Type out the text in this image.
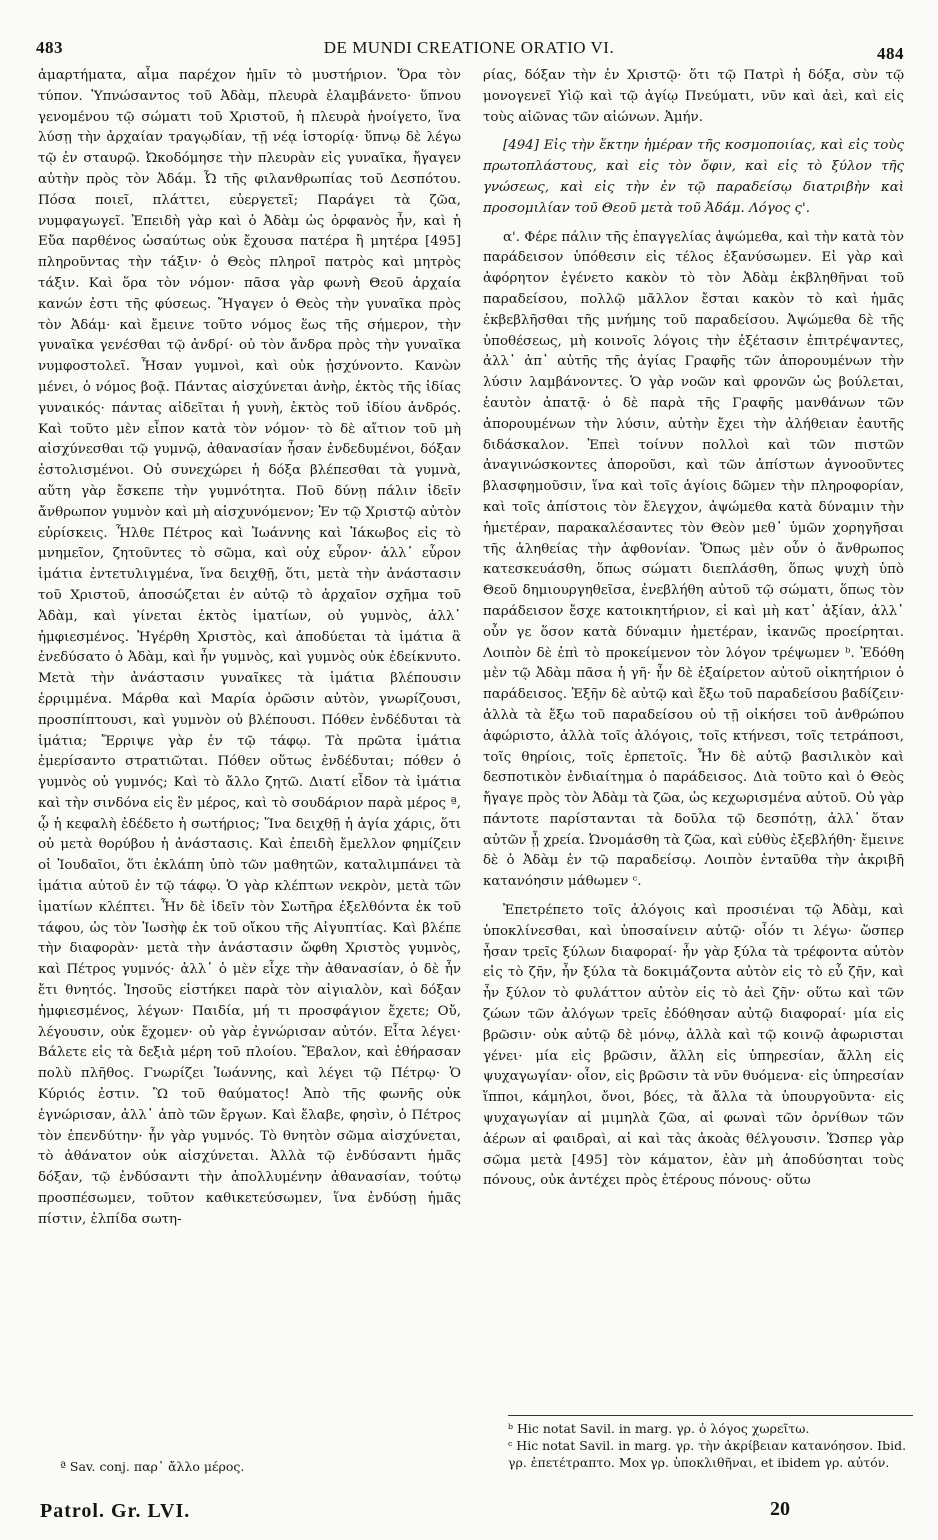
483	DE MUNDI CREATIONE ORATIO VI.	484

ἁμαρτήματα, αἷμα παρέχον ἡμῖν τὸ μυστήριον. Ὅρα τὸν τύπον. Ὑπνώσαντος τοῦ Ἀδὰμ, πλευρὰ ἐλαμβάνετο· ὕπνου γενομένου τῷ σώματι τοῦ Χριστοῦ, ἡ πλευρὰ ἠνοίγετο, ἵνα λύσῃ τὴν ἀρχαίαν τραγῳδίαν, τῇ νέᾳ ἱστορίᾳ· ὕπνῳ δὲ λέγω τῷ ἐν σταυρῷ. Ὠκοδόμησε τὴν πλευρὰν εἰς γυναῖκα, ἤγαγεν αὐτὴν πρὸς τὸν Ἀδάμ. Ὦ τῆς φιλανθρωπίας τοῦ Δεσπότου. Πόσα ποιεῖ, πλάττει, εὐεργετεῖ; Παράγει τὰ ζῶα, νυμφαγωγεῖ. Ἐπειδὴ γὰρ καὶ ὁ Ἀδὰμ ὡς ὀρφανὸς ἦν, καὶ ἡ Εὔα παρθένος ὡσαύτως οὐκ ἔχουσα πατέρα ἢ μητέρα [495] πληροῦντας τὴν τάξιν· ὁ Θεὸς πληροῖ πατρὸς καὶ μητρὸς τάξιν. Καὶ ὅρα τὸν νόμον· πᾶσα γὰρ φωνὴ Θεοῦ ἀρχαία κανών ἐστι τῆς φύσεως. Ἤγαγεν ὁ Θεὸς τὴν γυναῖκα πρὸς τὸν Ἀδάμ· καὶ ἔμεινε τοῦτο νόμος ἕως τῆς σήμερον, τὴν γυναῖκα γενέσθαι τῷ ἀνδρί· οὐ τὸν ἄνδρα πρὸς τὴν γυναῖκα νυμφοστολεῖ. Ἦσαν γυμνοὶ, καὶ οὐκ ᾐσχύνοντο. Κανὼν μένει, ὁ νόμος βοᾷ. Πάντας αἰσχύνεται ἀνὴρ, ἐκτὸς τῆς ἰδίας γυναικός· πάντας αἰδεῖται ἡ γυνὴ, ἐκτὸς τοῦ ἰδίου ἀνδρός. Καὶ τοῦτο μὲν εἶπον κατὰ τὸν νόμον· τὸ δὲ αἴτιον τοῦ μὴ αἰσχύνεσθαι τῷ γυμνῷ, ἀθανασίαν ἦσαν ἐνδεδυμένοι, δόξαν ἐστολισμένοι. Οὐ συνεχώρει ἡ δόξα βλέπεσθαι τὰ γυμνὰ, αὕτη γὰρ ἔσκεπε τὴν γυμνότητα. Ποῦ δύνῃ πάλιν ἰδεῖν ἄνθρωπον γυμνὸν καὶ μὴ αἰσχυνόμενον; Ἐν τῷ Χριστῷ αὐτὸν εὑρίσκεις. Ἦλθε Πέτρος καὶ Ἰωάννης καὶ Ἰάκωβος εἰς τὸ μνημεῖον, ζητοῦντες τὸ σῶμα, καὶ οὐχ εὗρον· ἀλλ᾽ εὗρον ἱμάτια ἐντετυλιγμένα, ἵνα δειχθῇ, ὅτι, μετὰ τὴν ἀνάστασιν τοῦ Χριστοῦ, ἀποσώζεται ἐν αὐτῷ τὸ ἀρχαῖον σχῆμα τοῦ Ἀδὰμ, καὶ γίνεται ἐκτὸς ἱματίων, οὐ γυμνὸς, ἀλλ᾽ ἠμφιεσμένος. Ἠγέρθη Χριστὸς, καὶ ἀποδύεται τὰ ἱμάτια ἃ ἐνεδύσατο ὁ Ἀδὰμ, καὶ ἦν γυμνὸς, καὶ γυμνὸς οὐκ ἐδείκνυτο. Μετὰ τὴν ἀνάστασιν γυναῖκες τὰ ἱμάτια βλέπουσιν ἐρριμμένα. Μάρθα καὶ Μαρία ὁρῶσιν αὐτὸν, γνωρίζουσι, προσπίπτουσι, καὶ γυμνὸν οὐ βλέπουσι. Πόθεν ἐνδέδυται τὰ ἱμάτια; Ἔρριψε γὰρ ἐν τῷ τάφῳ. Τὰ πρῶτα ἱμάτια ἐμερίσαντο στρατιῶται. Πόθεν οὕτως ἐνδέδυται; πόθεν ὁ γυμνὸς οὐ γυμνός; Καὶ τὸ ἄλλο ζητῶ. Διατί εἶδον τὰ ἱμάτια καὶ τὴν σινδόνα εἰς ἓν μέρος, καὶ τὸ σουδάριον παρὰ μέρος ª, ᾧ ἡ κεφαλὴ ἐδέδετο ἡ σωτήριος; Ἵνα δειχθῇ ἡ ἁγία χάρις, ὅτι οὐ μετὰ θορύβου ἡ ἀνάστασις. Καὶ ἐπειδὴ ἔμελλον φημίζειν οἱ Ἰουδαῖοι, ὅτι ἐκλάπη ὑπὸ τῶν μαθητῶν, καταλιμπάνει τὰ ἱμάτια αὐτοῦ ἐν τῷ τάφῳ. Ὁ γὰρ κλέπτων νεκρὸν, μετὰ τῶν ἱματίων κλέπτει. Ἦν δὲ ἰδεῖν τὸν Σωτῆρα ἐξελθόντα ἐκ τοῦ τάφου, ὡς τὸν Ἰωσὴφ ἐκ τοῦ οἴκου τῆς Αἰγυπτίας. Καὶ βλέπε τὴν διαφορὰν· μετὰ τὴν ἀνάστασιν ὤφθη Χριστὸς γυμνὸς, καὶ Πέτρος γυμνός· ἀλλ᾽ ὁ μὲν εἶχε τὴν ἀθανασίαν, ὁ δὲ ἦν ἔτι θνητός. Ἰησοῦς εἱστήκει παρὰ τὸν αἰγιαλὸν, καὶ δόξαν ἠμφιεσμένος, λέγων· Παιδία, μή τι προσφάγιον ἔχετε; Οὔ, λέγουσιν, οὐκ ἔχομεν· οὐ γὰρ ἐγνώρισαν αὐτόν. Εἶτα λέγει· Βάλετε εἰς τὰ δεξιὰ μέρη τοῦ πλοίου. Ἔβαλον, καὶ ἐθήρασαν πολὺ πλῆθος. Γνωρίζει Ἰωάννης, καὶ λέγει τῷ Πέτρῳ· Ὁ Κύριός ἐστιν. Ὢ τοῦ θαύματος! Ἀπὸ τῆς φωνῆς οὐκ ἐγνώρισαν, ἀλλ᾽ ἀπὸ τῶν ἔργων. Καὶ ἔλαβε, φησὶν, ὁ Πέτρος τὸν ἐπενδύτην· ἦν γὰρ γυμνός. Τὸ θνητὸν σῶμα αἰσχύνεται, τὸ ἀθάνατον οὐκ αἰσχύνεται. Ἀλλὰ τῷ ἐνδύσαντι ἡμᾶς δόξαν, τῷ ἐνδύσαντι τὴν ἀπολλυμένην ἀθανασίαν, τούτῳ προσπέσωμεν, τοῦτον καθικετεύσωμεν, ἵνα ἐνδύσῃ ἡμᾶς πίστιν, ἐλπίδα σωτη-

ρίας, δόξαν τὴν ἐν Χριστῷ· ὅτι τῷ Πατρὶ ἡ δόξα, σὺν τῷ μονογενεῖ Υἱῷ καὶ τῷ ἁγίῳ Πνεύματι, νῦν καὶ ἀεὶ, καὶ εἰς τοὺς αἰῶνας τῶν αἰώνων. Ἀμήν.

[494] Εἰς τὴν ἕκτην ἡμέραν τῆς κοσμοποιίας, καὶ εἰς τοὺς πρωτοπλάστους, καὶ εἰς τὸν ὄφιν, καὶ εἰς τὸ ξύλον τῆς γνώσεως, καὶ εἰς τὴν ἐν τῷ παραδείσῳ διατριβὴν καὶ προσομιλίαν τοῦ Θεοῦ μετὰ τοῦ Ἀδάμ. Λόγος ς'.

α'. Φέρε πάλιν τῆς ἐπαγγελίας ἀψώμεθα, καὶ τὴν κατὰ τὸν παράδεισον ὑπόθεσιν εἰς τέλος ἐξανύσωμεν. Εἰ γὰρ καὶ ἀφόρητον ἐγένετο κακὸν τὸ τὸν Ἀδὰμ ἐκβληθῆναι τοῦ παραδείσου, πολλῷ μᾶλλον ἔσται κακὸν τὸ καὶ ἡμᾶς ἐκβεβλῆσθαι τῆς μνήμης τοῦ παραδείσου. Ἀψώμεθα δὲ τῆς ὑποθέσεως, μὴ κοινοῖς λόγοις τὴν ἐξέτασιν ἐπιτρέψαντες, ἀλλ᾽ ἀπ᾽ αὐτῆς τῆς ἁγίας Γραφῆς τῶν ἀπορουμένων τὴν λύσιν λαμβάνοντες. Ὁ γὰρ νοῶν καὶ φρονῶν ὡς βούλεται, ἑαυτὸν ἀπατᾷ· ὁ δὲ παρὰ τῆς Γραφῆς μανθάνων τῶν ἀπορουμένων τὴν λύσιν, αὐτὴν ἔχει τὴν ἀλήθειαν ἑαυτῆς διδάσκαλον. Ἐπεὶ τοίνυν πολλοὶ καὶ τῶν πιστῶν ἀναγινώσκοντες ἀποροῦσι, καὶ τῶν ἀπίστων ἀγνοοῦντες βλασφημοῦσιν, ἵνα καὶ τοῖς ἁγίοις δῶμεν τὴν πληροφορίαν, καὶ τοῖς ἀπίστοις τὸν ἔλεγχον, ἀψώμεθα κατὰ δύναμιν τὴν ἡμετέραν, παρακαλέσαντες τὸν Θεὸν μεθ᾽ ὑμῶν χορηγῆσαι τῆς ἀληθείας τὴν ἀφθονίαν. Ὅπως μὲν οὖν ὁ ἄνθρωπος κατεσκευάσθη, ὅπως σώματι διεπλάσθη, ὅπως ψυχὴ ὑπὸ Θεοῦ δημιουργηθεῖσα, ἐνεβλήθη αὐτοῦ τῷ σώματι, ὅπως τὸν παράδεισον ἔσχε κατοικητήριον, εἰ καὶ μὴ κατ᾽ ἀξίαν, ἀλλ᾽ οὖν γε ὅσον κατὰ δύναμιν ἡμετέραν, ἱκανῶς προείρηται. Λοιπὸν δὲ ἐπὶ τὸ προκείμενον τὸν λόγον τρέψωμεν ᵇ. Ἐδόθη μὲν τῷ Ἀδὰμ πᾶσα ἡ γῆ· ἦν δὲ ἐξαίρετον αὐτοῦ οἰκητήριον ὁ παράδεισος. Ἐξῆν δὲ αὐτῷ καὶ ἔξω τοῦ παραδείσου βαδίζειν· ἀλλὰ τὰ ἔξω τοῦ παραδείσου οὐ τῇ οἰκήσει τοῦ ἀνθρώπου ἀφώριστο, ἀλλὰ τοῖς ἀλόγοις, τοῖς κτήνεσι, τοῖς τετράποσι, τοῖς θηρίοις, τοῖς ἑρπετοῖς. Ἦν δὲ αὐτῷ βασιλικὸν καὶ δεσποτικὸν ἐνδιαίτημα ὁ παράδεισος. Διὰ τοῦτο καὶ ὁ Θεὸς ἤγαγε πρὸς τὸν Ἀδὰμ τὰ ζῶα, ὡς κεχωρισμένα αὐτοῦ. Οὐ γὰρ πάντοτε παρίστανται τὰ δοῦλα τῷ δεσπότῃ, ἀλλ᾽ ὅταν αὐτῶν ᾖ χρεία. Ὠνομάσθη τὰ ζῶα, καὶ εὐθὺς ἐξεβλήθη· ἔμεινε δὲ ὁ Ἀδὰμ ἐν τῷ παραδείσῳ. Λοιπὸν ἐνταῦθα τὴν ἀκριβῆ κατανόησιν μάθωμεν ᶜ.

Ἐπετρέπετο τοῖς ἀλόγοις καὶ προσιέναι τῷ Ἀδὰμ, καὶ ὑποκλίνεσθαι, καὶ ὑποσαίνειν αὐτῷ· οἷόν τι λέγω· ὥσπερ ἦσαν τρεῖς ξύλων διαφοραί· ἦν γὰρ ξύλα τὰ τρέφοντα αὐτὸν εἰς τὸ ζῆν, ἦν ξύλα τὰ δοκιμάζοντα αὐτὸν εἰς τὸ εὖ ζῆν, καὶ ἦν ξύλον τὸ φυλάττον αὐτὸν εἰς τὸ ἀεὶ ζῆν· οὕτω καὶ τῶν ζώων τῶν ἀλόγων τρεῖς ἐδόθησαν αὐτῷ διαφοραί· μία εἰς βρῶσιν· οὐκ αὐτῷ δὲ μόνῳ, ἀλλὰ καὶ τῷ κοινῷ ἀφωρισται γένει· μία εἰς βρῶσιν, ἄλλη εἰς ὑπηρεσίαν, ἄλλη εἰς ψυχαγωγίαν· οἷον, εἰς βρῶσιν τὰ νῦν θυόμενα· εἰς ὑπηρεσίαν ἵπποι, κάμηλοι, ὄνοι, βόες, τὰ ἄλλα τὰ ὑπουργοῦντα· εἰς ψυχαγωγίαν αἱ μιμηλὰ ζῶα, αἱ φωναὶ τῶν ὀρνίθων τῶν ἀέρων αἱ φαιδραὶ, αἱ καὶ τὰς ἀκοὰς θέλγουσιν. Ὥσπερ γὰρ σῶμα μετὰ [495] τὸν κάματον, ἐὰν μὴ ἀποδύσηται τοὺς πόνους, οὐκ ἀντέχει πρὸς ἑτέρους πόνους· οὕτω

ª Sav. conj. παρ᾽ ἄλλο μέρος.

ᵇ Hic notat Savil. in marg. γρ. ὁ λόγος χωρεῖτω.

ᶜ Hic notat Savil. in marg. γρ. τὴν ἀκρίβειαν κατανόησον. Ibid. γρ. ἐπετέτραπτο. Mox γρ. ὑποκλιθῆναι, et ibidem γρ. αὐτόν.

Patrol. Gr. LVI.	20
